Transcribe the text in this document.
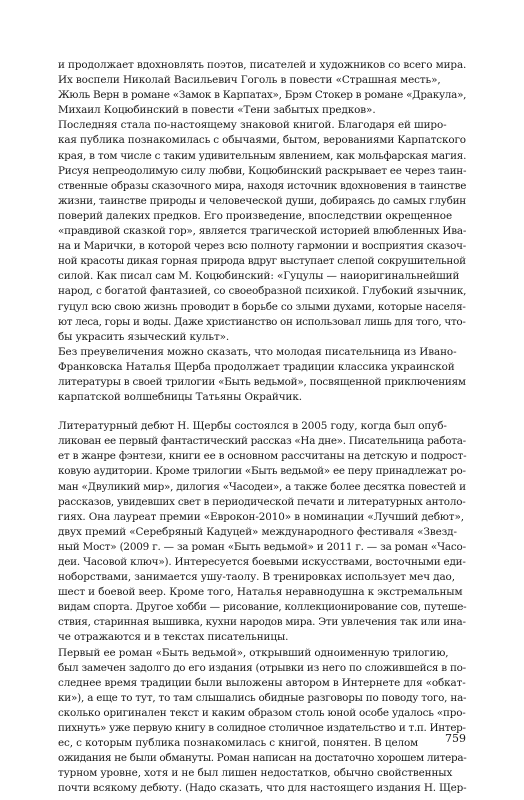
и продолжает вдохновлять поэтов, писателей и художников со всего мира.
Их воспели Николай Васильевич Гоголь в повести «Страшная месть»,
Жюль Верн в романе «Замок в Карпатах», Брэм Стокер в романе «Дракула»,
Михаил Коцюбинский в повести «Тени забытых предков».
Последняя стала по-настоящему знаковой книгой. Благодаря ей широ-
кая публика познакомилась с обычаями, бытом, верованиями Карпатского
края, в том числе с таким удивительным явлением, как мольфарская магия.
Рисуя непреодолимую силу любви, Коцюбинский раскрывает ее через таин-
ственные образы сказочного мира, находя источник вдохновения в таинстве
жизни, таинстве природы и человеческой души, добираясь до самых глубин
поверий далеких предков. Его произведение, впоследствии окрещенное
«правдивой сказкой гор», является трагической историей влюбленных Ива-
на и Марички, в которой через всю полноту гармонии и восприятия сказоч-
ной красоты дикая горная природа вдруг выступает слепой сокрушительной
силой. Как писал сам М. Коцюбинский: «Гуцулы — наиоригинальнейший
народ, с богатой фантазией, со своеобразной психикой. Глубокий язычник,
гуцул всю свою жизнь проводит в борьбе со злыми духами, которые населя-
ют леса, горы и воды. Даже христианство он использовал лишь для того, что-
бы украсить языческий культ».
Без преувеличения можно сказать, что молодая писательница из Ивано-
Франковска Наталья Щерба продолжает традиции классика украинской
литературы в своей трилогии «Быть ведьмой», посвященной приключениям
карпатской волшебницы Татьяны Окрайчик.
Литературный дебют Н. Щербы состоялся в 2005 году, когда был опуб-
ликован ее первый фантастический рассказ «На дне». Писательница работа-
ет в жанре фэнтези, книги ее в основном рассчитаны на детскую и подрост-
ковую аудитории. Кроме трилогии «Быть ведьмой» ее перу принадлежат ро-
ман «Двуликий мир», дилогия «Часодеи», а также более десятка повестей и
рассказов, увидевших свет в периодической печати и литературных антоло-
гиях. Она лауреат премии «Еврокон-2010» в номинации «Лучший дебют»,
двух премий «Серебряный Кадуцей» международного фестиваля «Звезд-
ный Мост» (2009 г. — за роман «Быть ведьмой» и 2011 г. — за роман «Часо-
деи. Часовой ключ»). Интересуется боевыми искусствами, восточными еди-
ноборствами, занимается ушу-таолу. В тренировках использует меч дао,
шест и боевой веер. Кроме того, Наталья неравнодушна к экстремальным
видам спорта. Другое хобби — рисование, коллекционирование сов, путеше-
ствия, старинная вышивка, кухни народов мира. Эти увлечения так или ина-
че отражаются и в текстах писательницы.
Первый ее роман «Быть ведьмой», открывший одноименную трилогию,
был замечен задолго до его издания (отрывки из него по сложившейся в по-
следнее время традиции были выложены автором в Интернете для «обкат-
ки»), а еще то тут, то там слышались обидные разговоры по поводу того, на-
сколько оригинален текст и каким образом столь юной особе удалось «про-
пихнуть» уже первую книгу в солидное столичное издательство и т.п. Интер-
ес, с которым публика познакомилась с книгой, понятен. В целом
ожидания не были обмануты. Роман написан на достаточно хорошем литера-
турном уровне, хотя и не был лишен недостатков, обычно свойственных
почти всякому дебюту. (Надо сказать, что для настоящего издания Н. Щер-
759
